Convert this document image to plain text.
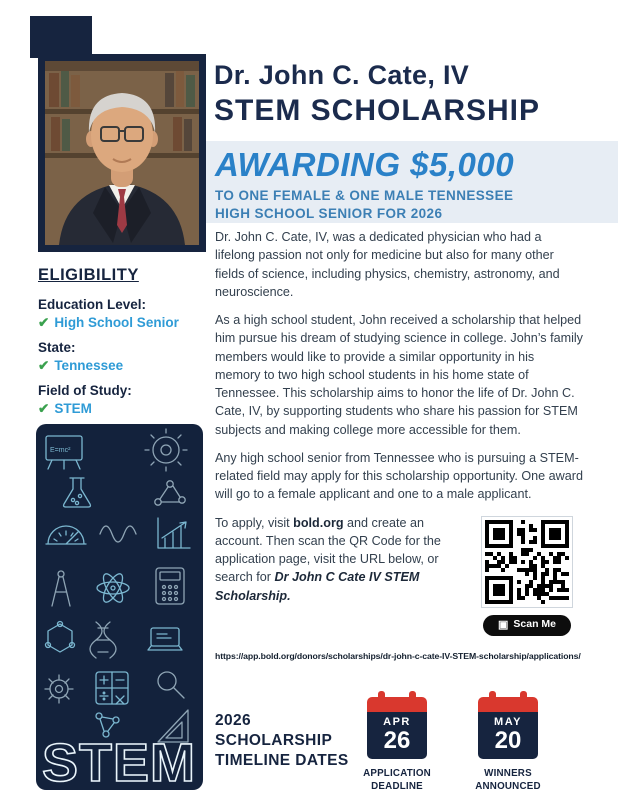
Dr. John C. Cate, IV
STEM SCHOLARSHIP
AWARDING $5,000
TO ONE FEMALE & ONE MALE TENNESSEE
HIGH SCHOOL SENIOR FOR 2026
ELIGIBILITY
Education Level:
✔ High School Senior
State:
✔ Tennessee
Field of Study:
✔ STEM

Dr. John C. Cate, IV, was a dedicated physician who had a lifelong passion not only for medicine but also for many other fields of science, including physics, chemistry, astronomy, and neuroscience.

As a high school student, John received a scholarship that helped him pursue his dream of studying science in college. John’s family members would like to provide a similar opportunity in his memory to two high school students in his home state of Tennessee. This scholarship aims to honor the life of Dr. John C. Cate, IV, by supporting students who share his passion for STEM subjects and making college more accessible for them.

Any high school senior from Tennessee who is pursuing a STEM-related field may apply for this scholarship opportunity. One award will go to a female applicant and one to a male applicant.

▣ Scan Me

To apply, visit bold.org and create an account. Then scan the QR Code for the application page, visit the URL below, or search for Dr John C Cate IV STEM Scholarship.

https://app.bold.org/donors/scholarships/dr-john-c-cate-IV-STEM-scholarship/applications/
E=mc²
STEM
2026
SCHOLARSHIP
TIMELINE DATES
APR
26
APPLICATION
DEADLINE
MAY
20
WINNERS
ANNOUNCED
